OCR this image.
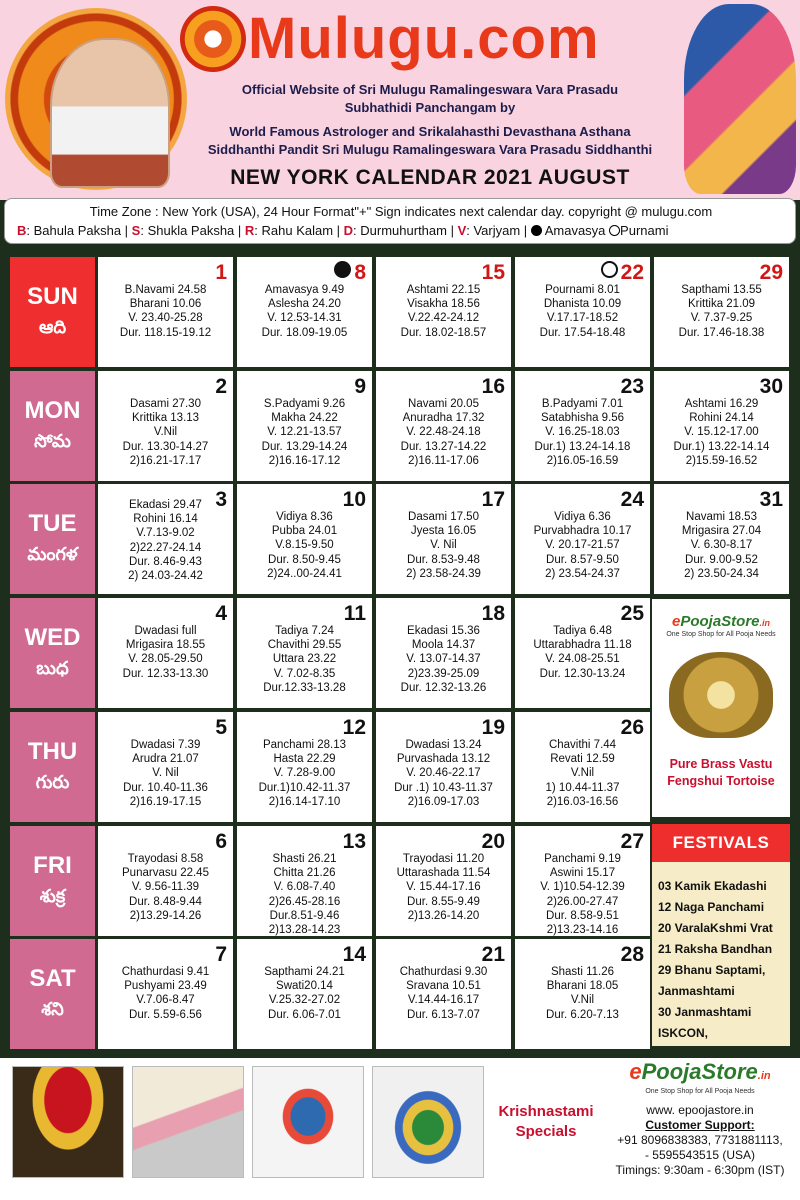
Mulugu.com
Official Website of Sri Mulugu Ramalingeswara Vara Prasadu
Subhathidi Panchangam by
World Famous Astrologer and Srikalahasthi Devasthana Asthana
Siddhanthi Pandit Sri Mulugu Ramalingeswara Vara Prasadu Siddhanthi
NEW YORK CALENDAR 2021 AUGUST
Time Zone : New York (USA), 24 Hour Format"+" Sign indicates next calendar day. copyright @ mulugu.com
B: Bahula Paksha | S: Shukla Paksha | R: Rahu Kalam | D: Durmuhurtham | V: Varjyam | Amavasya Purnami
SUN
ఆది
1
B.Navami 24.58
Bharani 10.06
V. 23.40-25.28
Dur. 118.15-19.12
8
Amavasya 9.49
Aslesha 24.20
V. 12.53-14.31
Dur. 18.09-19.05
15
Ashtami 22.15
Visakha 18.56
V.22.42-24.12
Dur. 18.02-18.57
22
Pournami 8.01
Dhanista 10.09
V.17.17-18.52
Dur. 17.54-18.48
29
Sapthami 13.55
Krittika 21.09
V. 7.37-9.25
Dur. 17.46-18.38
MON
సోమ
2
Dasami 27.30
Krittika 13.13
V.Nil
Dur. 13.30-14.27
2)16.21-17.17
9
S.Padyami 9.26
Makha 24.22
V. 12.21-13.57
Dur. 13.29-14.24
2)16.16-17.12
16
Navami 20.05
Anuradha 17.32
V. 22.48-24.18
Dur. 13.27-14.22
2)16.11-17.06
23
B.Padyami 7.01
Satabhisha 9.56
V. 16.25-18.03
Dur.1) 13.24-14.18
2)16.05-16.59
30
Ashtami 16.29
Rohini 24.14
V. 15.12-17.00
Dur.1) 13.22-14.14
2)15.59-16.52
TUE
మంగళ
3
Ekadasi 29.47
Rohini 16.14
V.7.13-9.02
2)22.27-24.14
Dur. 8.46-9.43
2) 24.03-24.42
10
Vidiya 8.36
Pubba 24.01
V.8.15-9.50
Dur. 8.50-9.45
2)24..00-24.41
17
Dasami 17.50
Jyesta 16.05
V. Nil
Dur. 8.53-9.48
2) 23.58-24.39
24
Vidiya 6.36
Purvabhadra 10.17
V. 20.17-21.57
Dur. 8.57-9.50
2) 23.54-24.37
31
Navami 18.53
Mrigasira 27.04
V. 6.30-8.17
Dur. 9.00-9.52
2) 23.50-24.34
WED
బుధ
4
Dwadasi full
Mrigasira 18.55
V. 28.05-29.50
Dur. 12.33-13.30
11
Tadiya 7.24
Chavithi 29.55
Uttara 23.22
V. 7.02-8.35
Dur.12.33-13.28
18
Ekadasi 15.36
Moola 14.37
V. 13.07-14.37
2)23.39-25.09
Dur. 12.32-13.26
25
Tadiya 6.48
Uttarabhadra 11.18
V. 24.08-25.51
Dur. 12.30-13.24
THU
గురు
5
Dwadasi 7.39
Arudra 21.07
V. Nil
Dur. 10.40-11.36
2)16.19-17.15
12
Panchami 28.13
Hasta 22.29
V. 7.28-9.00
Dur.1)10.42-11.37
2)16.14-17.10
19
Dwadasi 13.24
Purvashada 13.12
V. 20.46-22.17
Dur .1) 10.43-11.37
2)16.09-17.03
26
Chavithi 7.44
Revati 12.59
V.Nil
1) 10.44-11.37
2)16.03-16.56
FRI
శుక్ర
6
Trayodasi 8.58
Punarvasu 22.45
V. 9.56-11.39
Dur. 8.48-9.44
2)13.29-14.26
13
Shasti 26.21
Chitta 21.26
V. 6.08-7.40
2)26.45-28.16
Dur.8.51-9.46
2)13.28-14.23
20
Trayodasi 11.20
Uttarashada 11.54
V. 15.44-17.16
Dur. 8.55-9.49
2)13.26-14.20
27
Panchami 9.19
Aswini 15.17
V. 1)10.54-12.39
2)26.00-27.47
Dur. 8.58-9.51
2)13.23-14.16
SAT
శని
7
Chathurdasi 9.41
Pushyami 23.49
V.7.06-8.47
Dur. 5.59-6.56
14
Sapthami 24.21
Swati20.14
V.25.32-27.02
Dur. 6.06-7.01
21
Chathurdasi 9.30
Sravana 10.51
V.14.44-16.17
Dur. 6.13-7.07
28
Shasti 11.26
Bharani 18.05
V.Nil
Dur. 6.20-7.13
ePoojaStore.in
One Stop Shop for All Pooja Needs
Pure Brass Vastu
Fengshui Tortoise
FESTIVALS
03 Kamik Ekadashi
12 Naga Panchami
20 VaralaKshmi Vrat
21 Raksha Bandhan
29 Bhanu Saptami,
Janmashtami
30 Janmashtami
ISKCON,
Krishnastami
Specials
ePoojaStore.in
One Stop Shop for All Pooja Needs
www. epoojastore.in
Customer Support:
+91 8096838383, 7731881113,
- 5595543515 (USA)
Timings: 9:30am - 6:30pm (IST)
